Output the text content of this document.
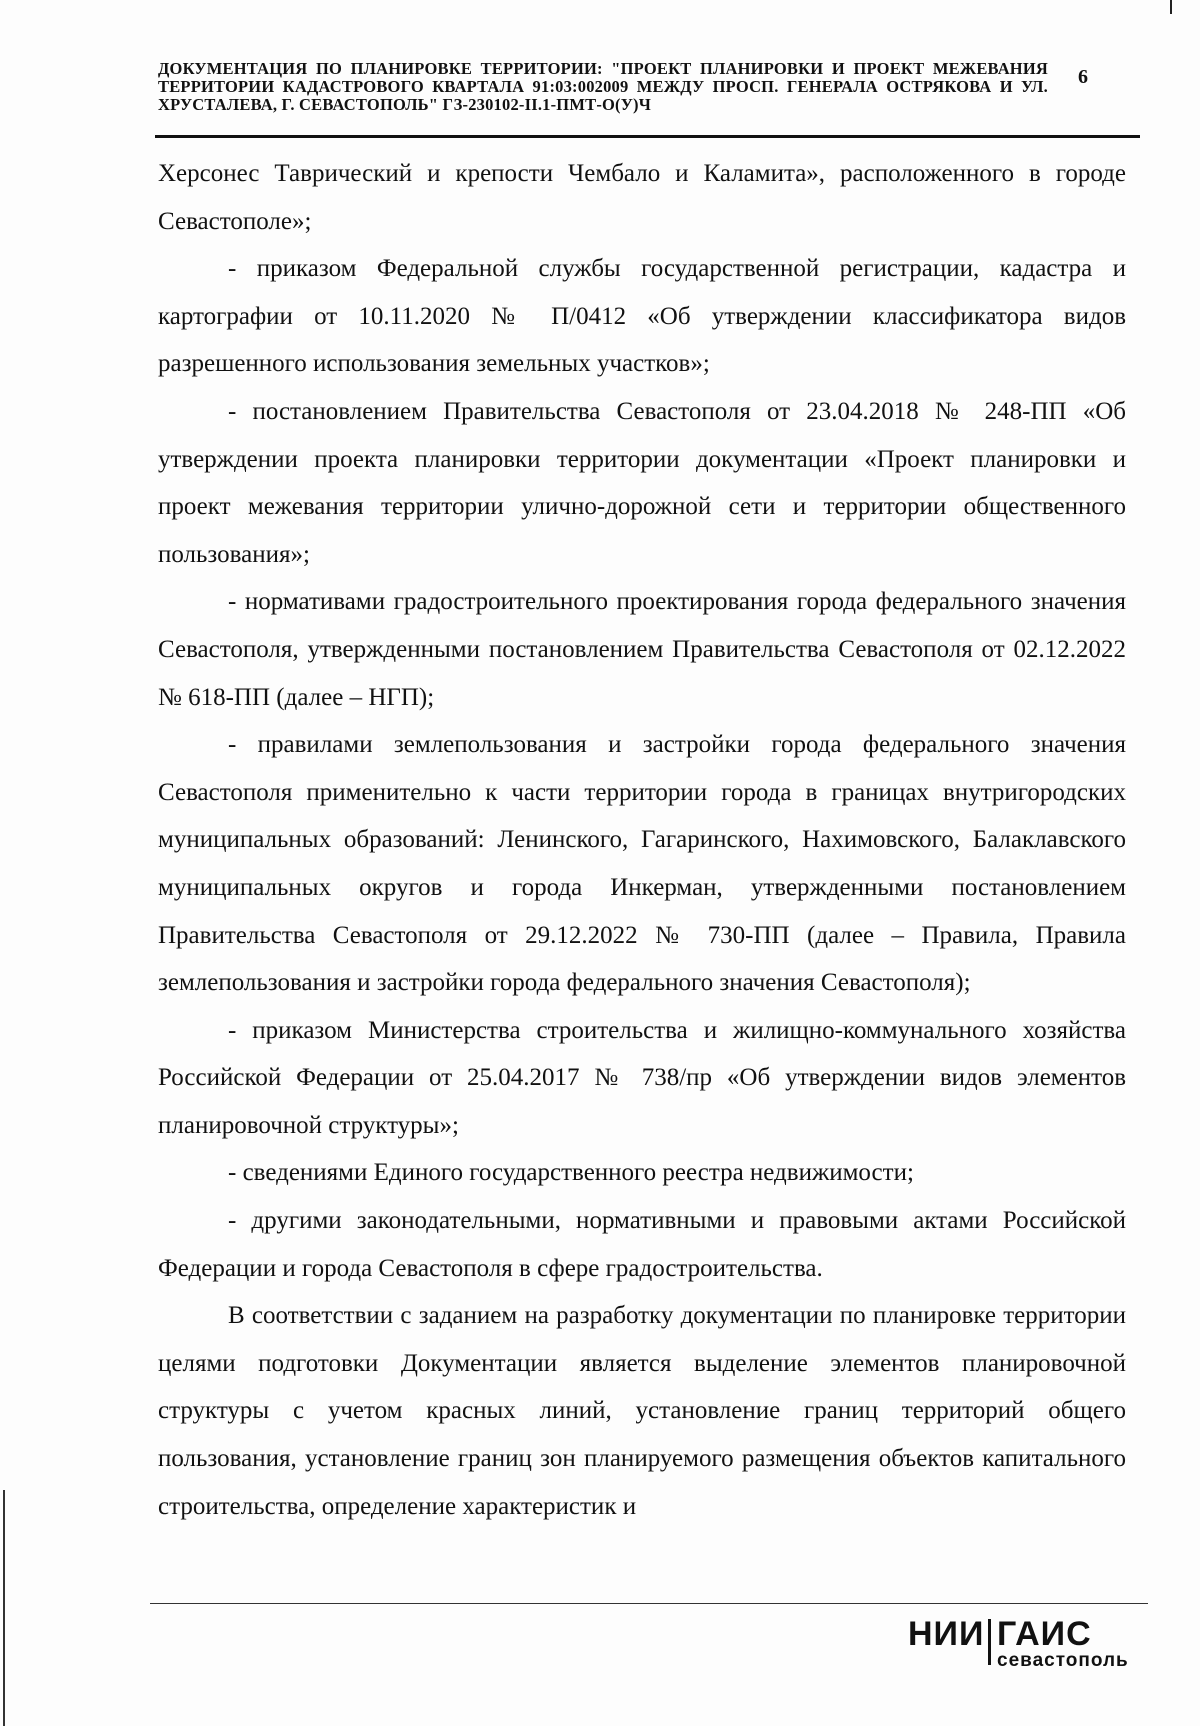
ДОКУМЕНТАЦИЯ ПО ПЛАНИРОВКЕ ТЕРРИТОРИИ: "ПРОЕКТ ПЛАНИРОВКИ И ПРОЕКТ МЕЖЕВАНИЯ ТЕРРИТОРИИ КАДАСТРОВОГО КВАРТАЛА 91:03:002009 МЕЖДУ ПРОСП. ГЕНЕРАЛА ОСТРЯКОВА И УЛ. ХРУСТАЛЕВА, Г. СЕВАСТОПОЛЬ" ГЗ-230102-II.1-ПМТ-О(У)Ч

6

Херсонес Таврический и крепости Чембало и Каламита», расположенного в городе Севастополе»;

- приказом Федеральной службы государственной регистрации, кадастра и картографии от 10.11.2020 № П/0412 «Об утверждении классификатора видов разрешенного использования земельных участков»;

- постановлением Правительства Севастополя от 23.04.2018 № 248-ПП «Об утверждении проекта планировки территории документации «Проект планировки и проект межевания территории улично-дорожной сети и территории общественного пользования»;

- нормативами градостроительного проектирования города федерального значения Севастополя, утвержденными постановлением Правительства Севастополя от 02.12.2022 № 618-ПП (далее – НГП);

- правилами землепользования и застройки города федерального значения Севастополя применительно к части территории города в границах внутригородских муниципальных образований: Ленинского, Гагаринского, Нахимовского, Балаклавского муниципальных округов и города Инкерман, утвержденными постановлением Правительства Севастополя от 29.12.2022 № 730-ПП (далее – Правила, Правила землепользования и застройки города федерального значения Севастополя);

- приказом Министерства строительства и жилищно-коммунального хозяйства Российской Федерации от 25.04.2017 № 738/пр «Об утверждении видов элементов планировочной структуры»;

- сведениями Единого государственного реестра недвижимости;

- другими законодательными, нормативными и правовыми актами Российской Федерации и города Севастополя в сфере градостроительства.

В соответствии с заданием на разработку документации по планировке территории целями подготовки Документации является выделение элементов планировочной структуры с учетом красных линий, установление границ территорий общего пользования, установление границ зон планируемого размещения объектов капитального строительства, определение характеристик и

НИИ ГАИС
севастополь
